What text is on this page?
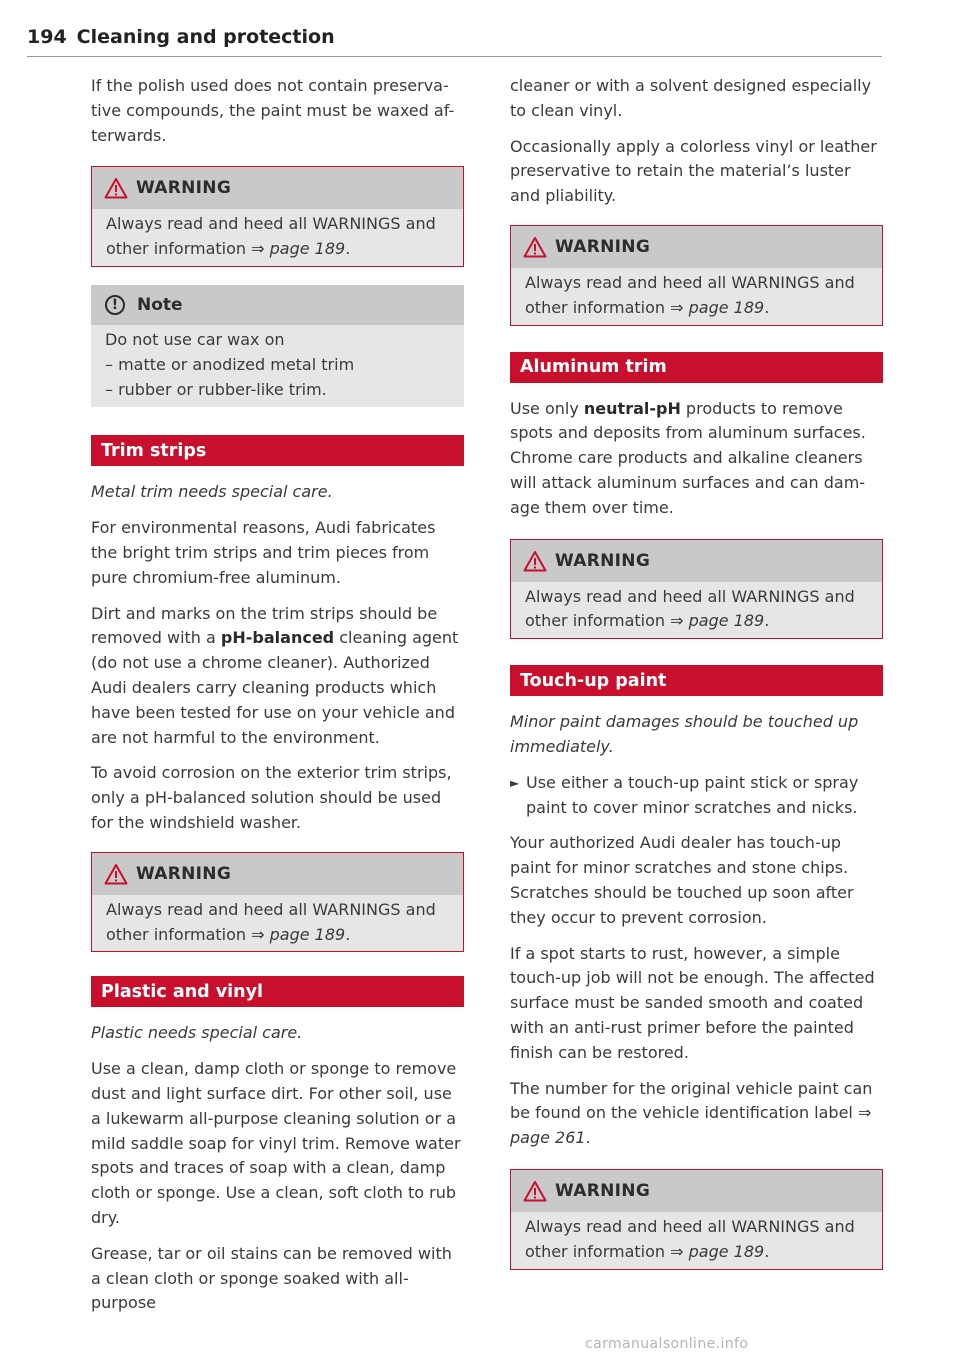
194 Cleaning and protection

If the polish used does not contain preserva-tive compounds, the paint must be waxed af-terwards.

WARNING

Always read and heed all WARNINGS and other information ⇒ page 189.

!	Note

Do not use car wax on

– matte or anodized metal trim

– rubber or rubber-like trim.

Trim strips

Metal trim needs special care.

For environmental reasons, Audi fabricates the bright trim strips and trim pieces from pure chromium-free aluminum.

Dirt and marks on the trim strips should be removed with a pH-balanced cleaning agent (do not use a chrome cleaner). Authorized Audi dealers carry cleaning products which have been tested for use on your vehicle and are not harmful to the environment.

To avoid corrosion on the exterior trim strips, only a pH-balanced solution should be used for the windshield washer.

WARNING

Always read and heed all WARNINGS and other information ⇒ page 189.

Plastic and vinyl

Plastic needs special care.

Use a clean, damp cloth or sponge to remove dust and light surface dirt. For other soil, use a lukewarm all-purpose cleaning solution or a mild saddle soap for vinyl trim. Remove water spots and traces of soap with a clean, damp cloth or sponge. Use a clean, soft cloth to rub dry.

Grease, tar or oil stains can be removed with a clean cloth or sponge soaked with all-purpose

cleaner or with a solvent designed especially to clean vinyl.

Occasionally apply a colorless vinyl or leather preservative to retain the material’s luster and pliability.

WARNING

Always read and heed all WARNINGS and other information ⇒ page 189.

Aluminum trim

Use only neutral-pH products to remove spots and deposits from aluminum surfaces. Chrome care products and alkaline cleaners will attack aluminum surfaces and can dam-age them over time.

WARNING

Always read and heed all WARNINGS and other information ⇒ page 189.

Touch-up paint

Minor paint damages should be touched up immediately.

► Use either a touch-up paint stick or spray paint to cover minor scratches and nicks.

Your authorized Audi dealer has touch-up paint for minor scratches and stone chips. Scratches should be touched up soon after they occur to prevent corrosion.

If a spot starts to rust, however, a simple touch-up job will not be enough. The affected surface must be sanded smooth and coated with an anti-rust primer before the painted finish can be restored.

The number for the original vehicle paint can be found on the vehicle identification label ⇒ page 261.

WARNING

Always read and heed all WARNINGS and other information ⇒ page 189.

carmanualsonline.info
